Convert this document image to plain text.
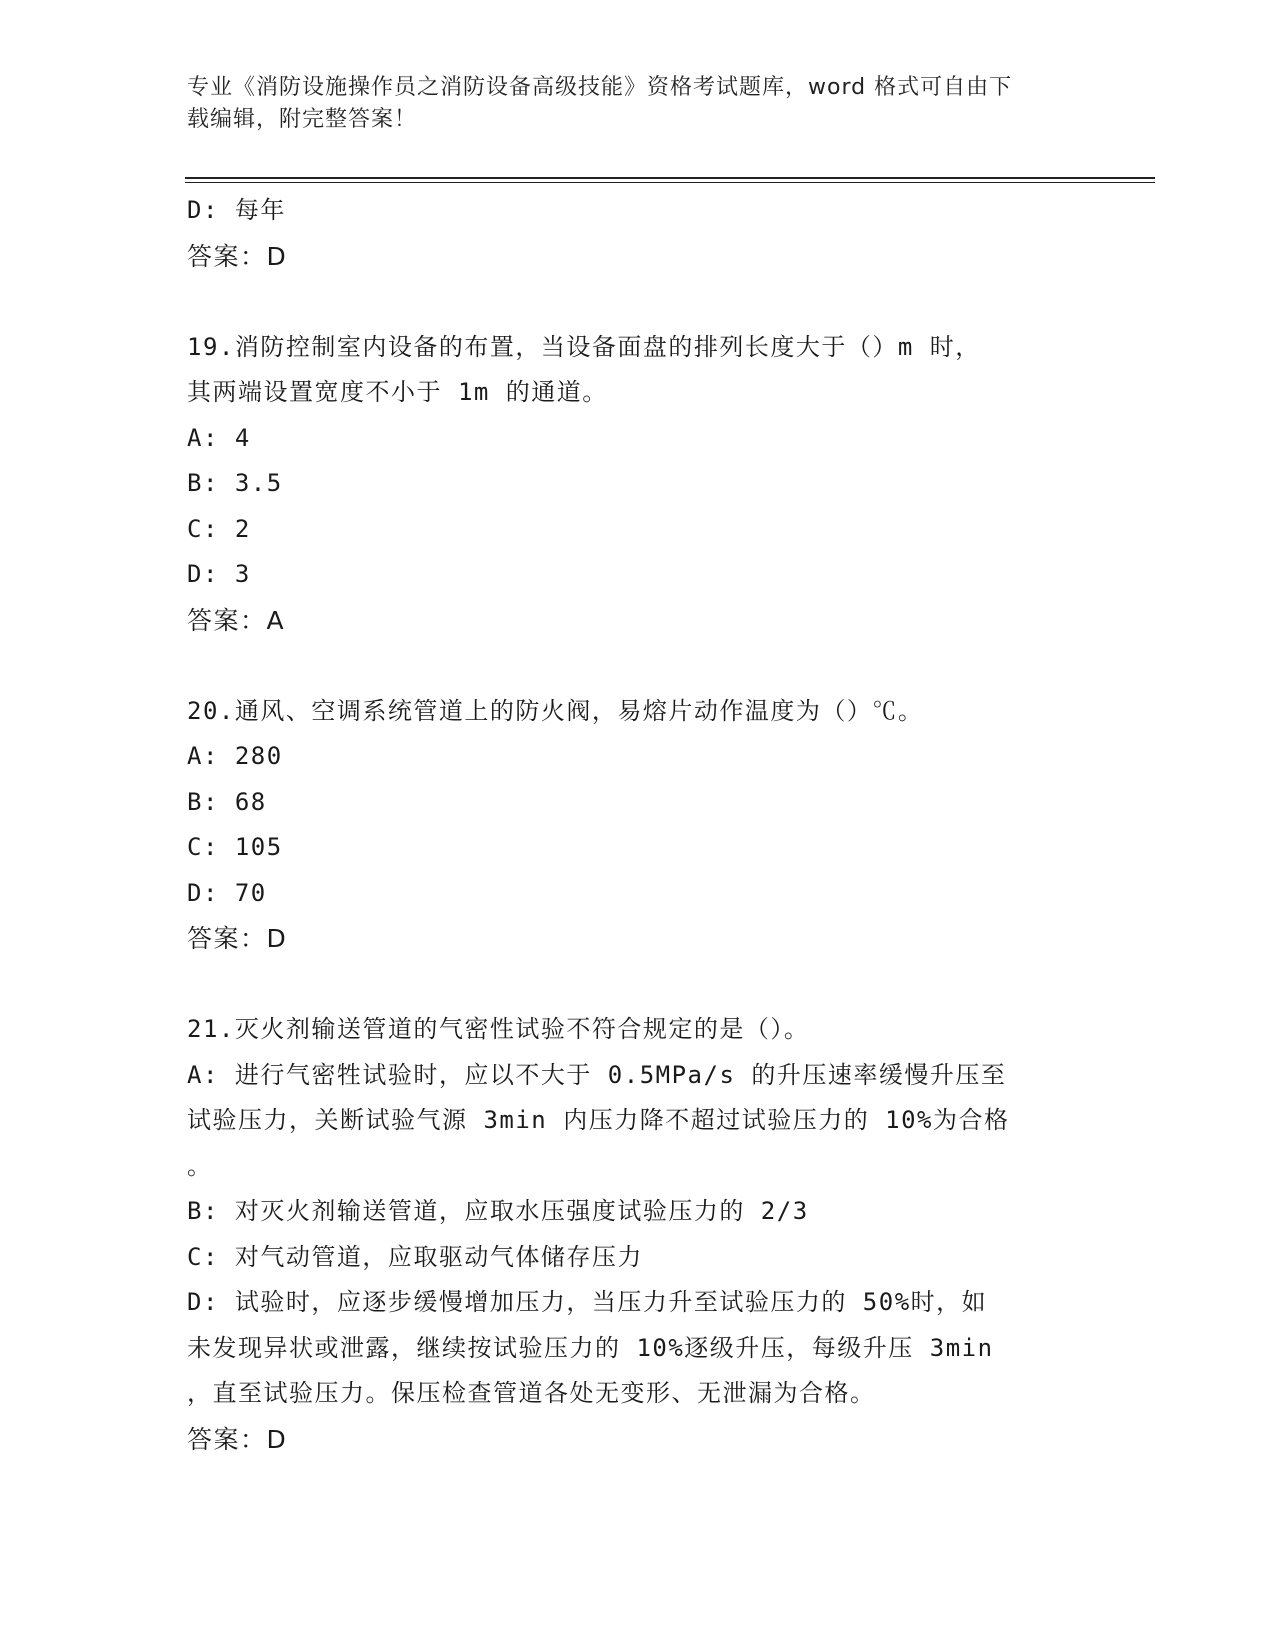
专业《消防设施操作员之消防设备高级技能》资格考试题库，word 格式可自由下
载编辑，附完整答案！
D: 每年
答案：D
19.消防控制室内设备的布置，当设备面盘的排列长度大于（）m 时，
其两端设置宽度不小于 1m 的通道。
A: 4
B: 3.5
C: 2
D: 3
答案：A
20.通风、空调系统管道上的防火阀，易熔片动作温度为（）℃。
A: 280
B: 68
C: 105
D: 70
答案：D
21.灭火剂输送管道的气密性试验不符合规定的是（）。
A: 进行气密牲试验时，应以不大于 0.5MPa/s 的升压速率缓慢升压至
试验压力，关断试验气源 3min 内压力降不超过试验压力的 10%为合格
。
B: 对灭火剂输送管道，应取水压强度试验压力的 2/3
C: 对气动管道，应取驱动气体储存压力
D: 试验时，应逐步缓慢增加压力，当压力升至试验压力的 50%时，如
未发现异状或泄露，继续按试验压力的 10%逐级升压，每级升压 3min
，直至试验压力。保压检查管道各处无变形、无泄漏为合格。
答案：D
